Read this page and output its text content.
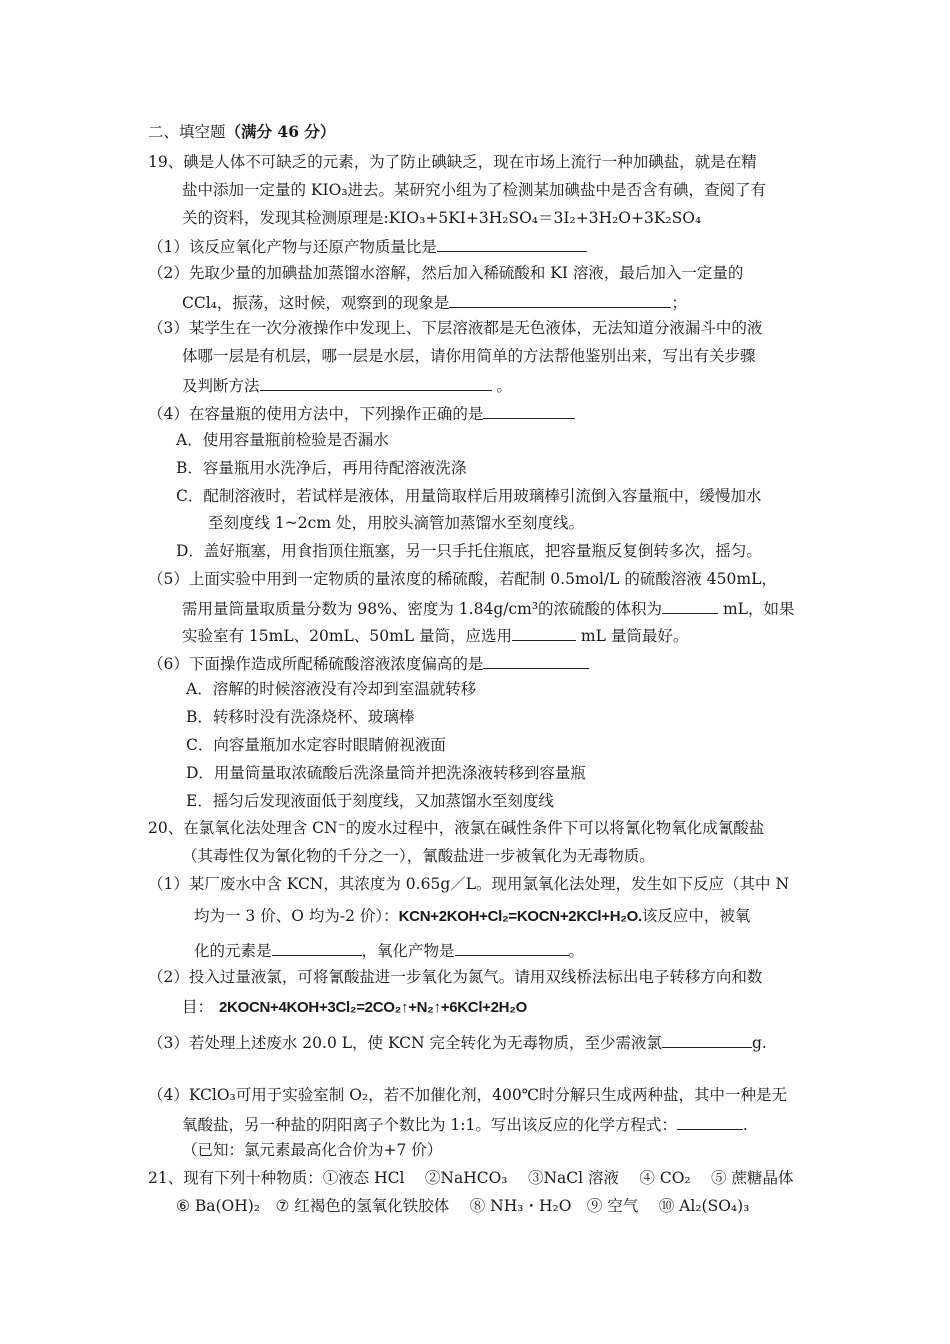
二、填空题（满分 46 分）
19、碘是人体不可缺乏的元素，为了防止碘缺乏，现在市场上流行一种加碘盐，就是在精
盐中添加一定量的 KIO₃进去。某研究小组为了检测某加碘盐中是否含有碘，查阅了有
关的资料，发现其检测原理是:KIO₃+5KI+3H₂SO₄＝3I₂+3H₂O+3K₂SO₄
（1）该反应氧化产物与还原产物质量比是
（2）先取少量的加碘盐加蒸馏水溶解，然后加入稀硫酸和 KI 溶液，最后加入一定量的
CCl₄，振荡，这时候，观察到的现象是	；
（3）某学生在一次分液操作中发现上、下层溶液都是无色液体，无法知道分液漏斗中的液
体哪一层是有机层，哪一层是水层，请你用简单的方法帮他鉴别出来，写出有关步骤
及判断方法	。
（4）在容量瓶的使用方法中，下列操作正确的是
A．使用容量瓶前检验是否漏水
B．容量瓶用水洗净后，再用待配溶液洗涤
C．配制溶液时，若试样是液体，用量筒取样后用玻璃棒引流倒入容量瓶中，缓慢加水
至刻度线 1~2cm 处，用胶头滴管加蒸馏水至刻度线。
D．盖好瓶塞，用食指顶住瓶塞，另一只手托住瓶底，把容量瓶反复倒转多次，摇匀。
（5）上面实验中用到一定物质的量浓度的稀硫酸，若配制 0.5mol/L 的硫酸溶液 450mL，
需用量筒量取质量分数为 98%、密度为 1.84g/cm³的浓硫酸的体积为	mL，如果
实验室有 15mL、20mL、50mL 量筒，应选用	mL 量筒最好。
（6）下面操作造成所配稀硫酸溶液浓度偏高的是
A．溶解的时候溶液没有冷却到室温就转移
B．转移时没有洗涤烧杯、玻璃棒
C．向容量瓶加水定容时眼睛俯视液面
D．用量筒量取浓硫酸后洗涤量筒并把洗涤液转移到容量瓶
E．摇匀后发现液面低于刻度线，又加蒸馏水至刻度线
20、在氯氧化法处理含 CN⁻的废水过程中，液氯在碱性条件下可以将氰化物氧化成氰酸盐
（其毒性仅为氰化物的千分之一），氰酸盐进一步被氧化为无毒物质。
（1）某厂废水中含 KCN，其浓度为 0.65g／L。现用氯氧化法处理，发生如下反应（其中 N
均为一 3 价、O 均为-2 价）：KCN+2KOH+Cl₂=KOCN+2KCl+H₂O.该反应中，被氧
化的元素是	，氧化产物是	。
（2）投入过量液氯，可将氰酸盐进一步氧化为氮气。请用双线桥法标出电子转移方向和数
目： 2KOCN+4KOH+3Cl₂=2CO₂↑+N₂↑+6KCl+2H₂O
（3）若处理上述废水 20.0 L，使 KCN 完全转化为无毒物质，至少需液氯	g.
（4）KClO₃可用于实验室制 O₂，若不加催化剂，400℃时分解只生成两种盐，其中一种是无
氧酸盐，另一种盐的阴阳离子个数比为 1:1。写出该反应的化学方程式：	.
（已知：氯元素最高化合价为+7 价）
21、现有下列十种物质：①液态 HCl　 ②NaHCO₃　 ③NaCl 溶液　 ④ CO₂　 ⑤ 蔗糖晶体
⑥ Ba(OH)₂　⑦ 红褐色的氢氧化铁胶体　 ⑧ NH₃・H₂O　⑨ 空气　 ⑩ Al₂(SO₄)₃
